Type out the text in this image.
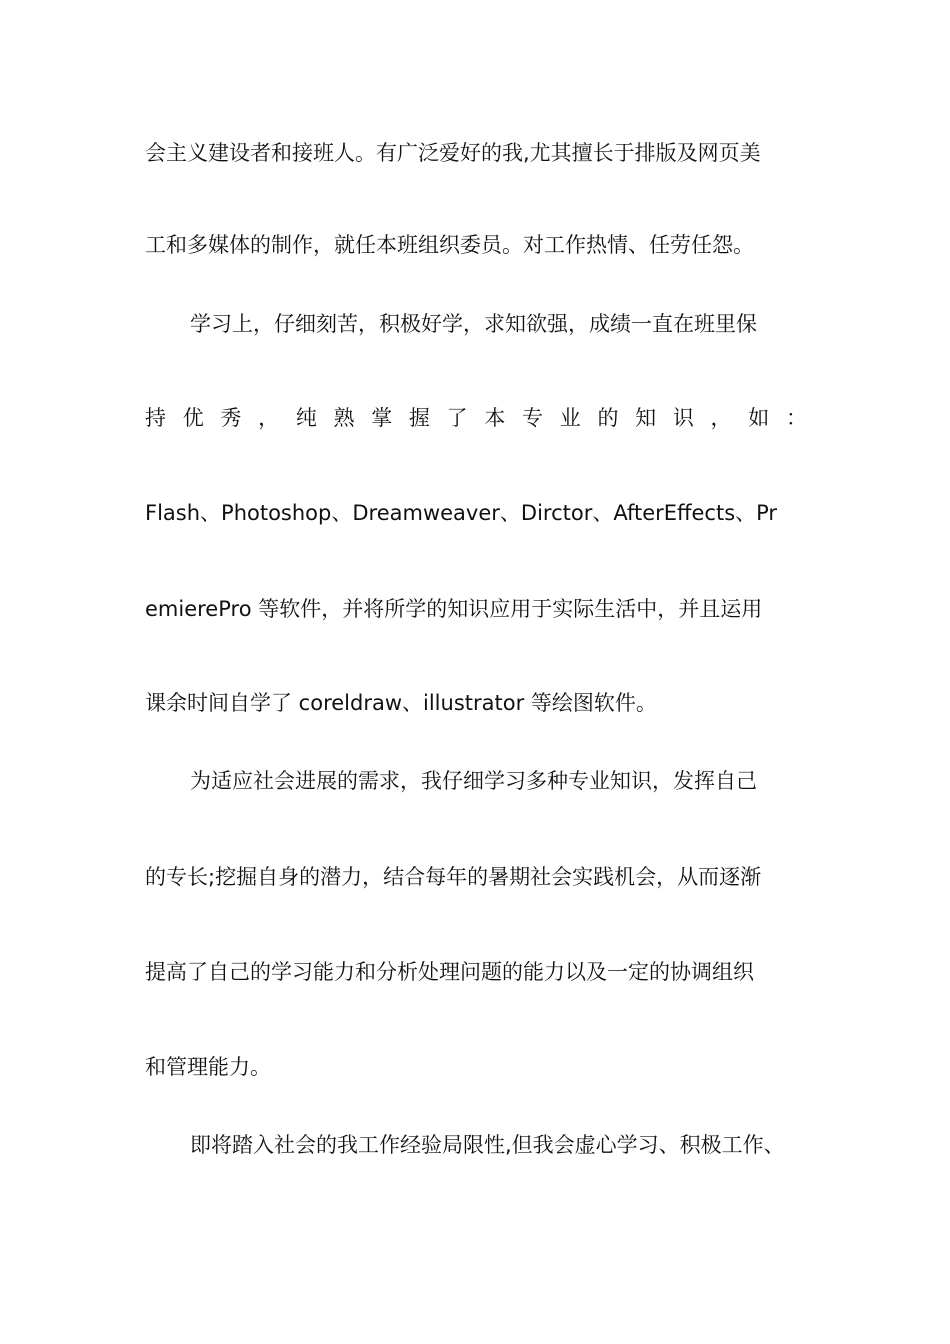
会主义建设者和接班人。有广泛爱好的我,尤其擅长于排版及网页美
工和多媒体的制作，就任本班组织委员。对工作热情、任劳任怨。
学习上，仔细刻苦，积极好学，求知欲强，成绩一直在班里保
持 优 秀 ， 纯 熟 掌 握 了 本 专 业 的 知 识 ， 如 ：
Flash、Photoshop、Dreamweaver、Dirctor、AfterEffects、Pr
emierePro 等软件，并将所学的知识应用于实际生活中，并且运用
课余时间自学了 coreldraw、illustrator 等绘图软件。
为适应社会进展的需求，我仔细学习多种专业知识，发挥自己
的专长;挖掘自身的潜力，结合每年的暑期社会实践机会，从而逐渐
提高了自己的学习能力和分析处理问题的能力以及一定的协调组织
和管理能力。
即将踏入社会的我工作经验局限性,但我会虚心学习、积极工作、
